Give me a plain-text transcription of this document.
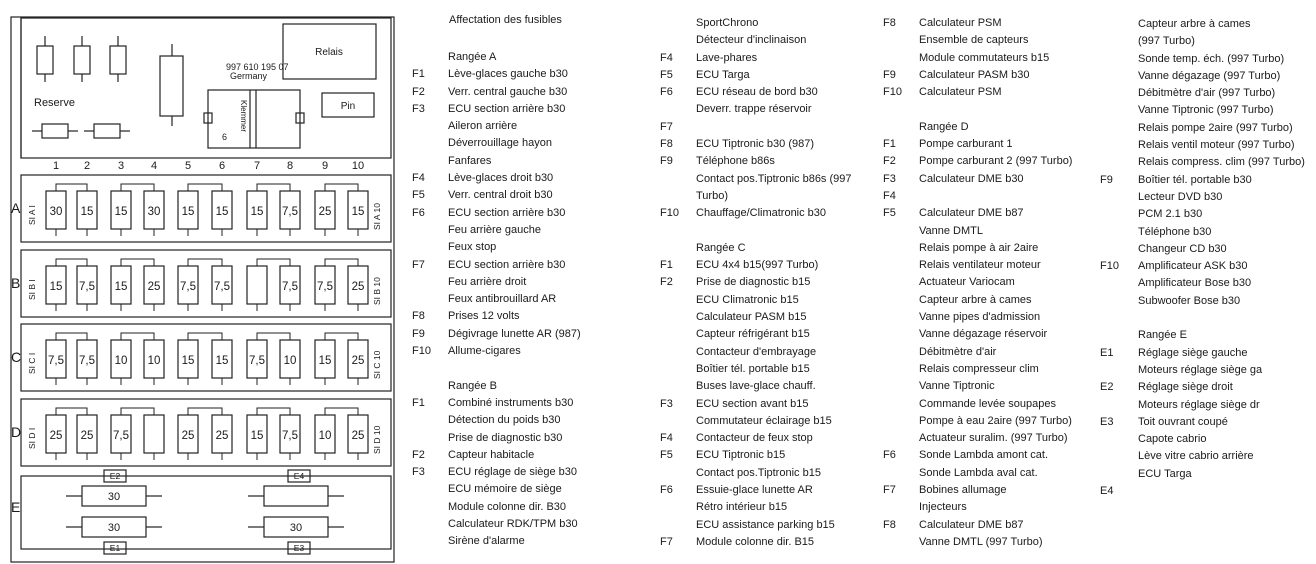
997 610 195 07
Germany
Relais
Pin
Reserve	Klemmer
6
1 2	3 4	5	6	7 8	9 10
A SI A I	SI A 10
30 15 15 30 15 15 15 7,5 25 15
B SI B I	SI B 10
15 7,5 15 25 7,5 7,5	7,5 7,5 25
C SI C I	SI C 10
7,5 7,5 10 10 15 15 7,5 10 15 25
D SI D I	SI D 10
25 25 7,5	25 25 15 7,5 10 25
E
30
30	30
E2	E4
E1	E3
Affectation des fusibles
Rangée A
F1 Lève-glaces gauche b30
F2 Verr. central gauche b30
F3 ECU section arrière b30
Aileron arrière
Déverrouillage hayon
Fanfares
F4 Lève-glaces droit b30
F5 Verr. central droit b30
F6 ECU section arrière b30
Feu arrière gauche
Feux stop
F7 ECU section arrière b30
Feu arrière droit
Feux antibrouillard AR
F8 Prises 12 volts
F9 Dégivrage lunette AR (987)
F10 Allume-cigares
Rangée B
F1 Combiné instruments b30
Détection du poids b30
Prise de diagnostic b30
F2 Capteur habitacle
F3 ECU réglage de siège b30
ECU mémoire de siège
Module colonne dir. B30
Calculateur RDK/TPM b30
Sirène d'alarme
SportChrono
Détecteur d'inclinaison
F4 Lave-phares
F5 ECU Targa
F6 ECU réseau de bord b30
Deverr. trappe réservoir
F7
F8 ECU Tiptronic b30 (987)
F9 Téléphone b86s
Contact pos.Tiptronic b86s (997
Turbo)
F10 Chauffage/Climatronic b30
Rangée C
F1 ECU 4x4 b15(997 Turbo)
F2 Prise de diagnostic b15
ECU Climatronic b15
Calculateur PASM b15
Capteur réfrigérant b15
Contacteur d'embrayage
Boîtier tél. portable b15
Buses lave-glace chauff.
F3 ECU section avant b15
Commutateur éclairage b15
F4 Contacteur de feux stop
F5 ECU Tiptronic b15
Contact pos.Tiptronic b15
F6 Essuie-glace lunette AR
Rétro intérieur b15
ECU assistance parking b15
F7 Module colonne dir. B15
F8 Calculateur PSM
Ensemble de capteurs
Module commutateurs b15
F9 Calculateur PASM b30
F10 Calculateur PSM
Rangée D
F1 Pompe carburant 1
F2 Pompe carburant 2 (997 Turbo)
F3 Calculateur DME b30
F4
F5 Calculateur DME b87
Vanne DMTL
Relais pompe à air 2aire
Relais ventilateur moteur
Actuateur Variocam
Capteur arbre à cames
Vanne pipes d'admission
Vanne dégazage réservoir
Débitmètre d'air
Relais compresseur clim
Vanne Tiptronic
Commande levée soupapes
Pompe à eau 2aire (997 Turbo)
Actuateur suralim. (997 Turbo)
F6 Sonde Lambda amont cat.
Sonde Lambda aval cat.
F7 Bobines allumage
Injecteurs
F8 Calculateur DME b87
Vanne DMTL (997 Turbo)
Capteur arbre à cames
(997 Turbo)
Sonde temp. éch. (997 Turbo)
Vanne dégazage (997 Turbo)
Débitmètre d'air (997 Turbo)
Vanne Tiptronic (997 Turbo)
Relais pompe 2aire (997 Turbo)
Relais ventil moteur (997 Turbo)
Relais compress. clim (997 Turbo)
F9 Boîtier tél. portable b30
Lecteur DVD b30
PCM 2.1 b30
Téléphone b30
Changeur CD b30
F10 Amplificateur ASK b30
Amplificateur Bose b30
Subwoofer Bose b30
Rangée E
E1 Réglage siège gauche
Moteurs réglage siège ga
E2 Réglage siège droit
Moteurs réglage siège dr
E3 Toit ouvrant coupé
Capote cabrio
Lève vitre cabrio arrière
ECU Targa
E4
